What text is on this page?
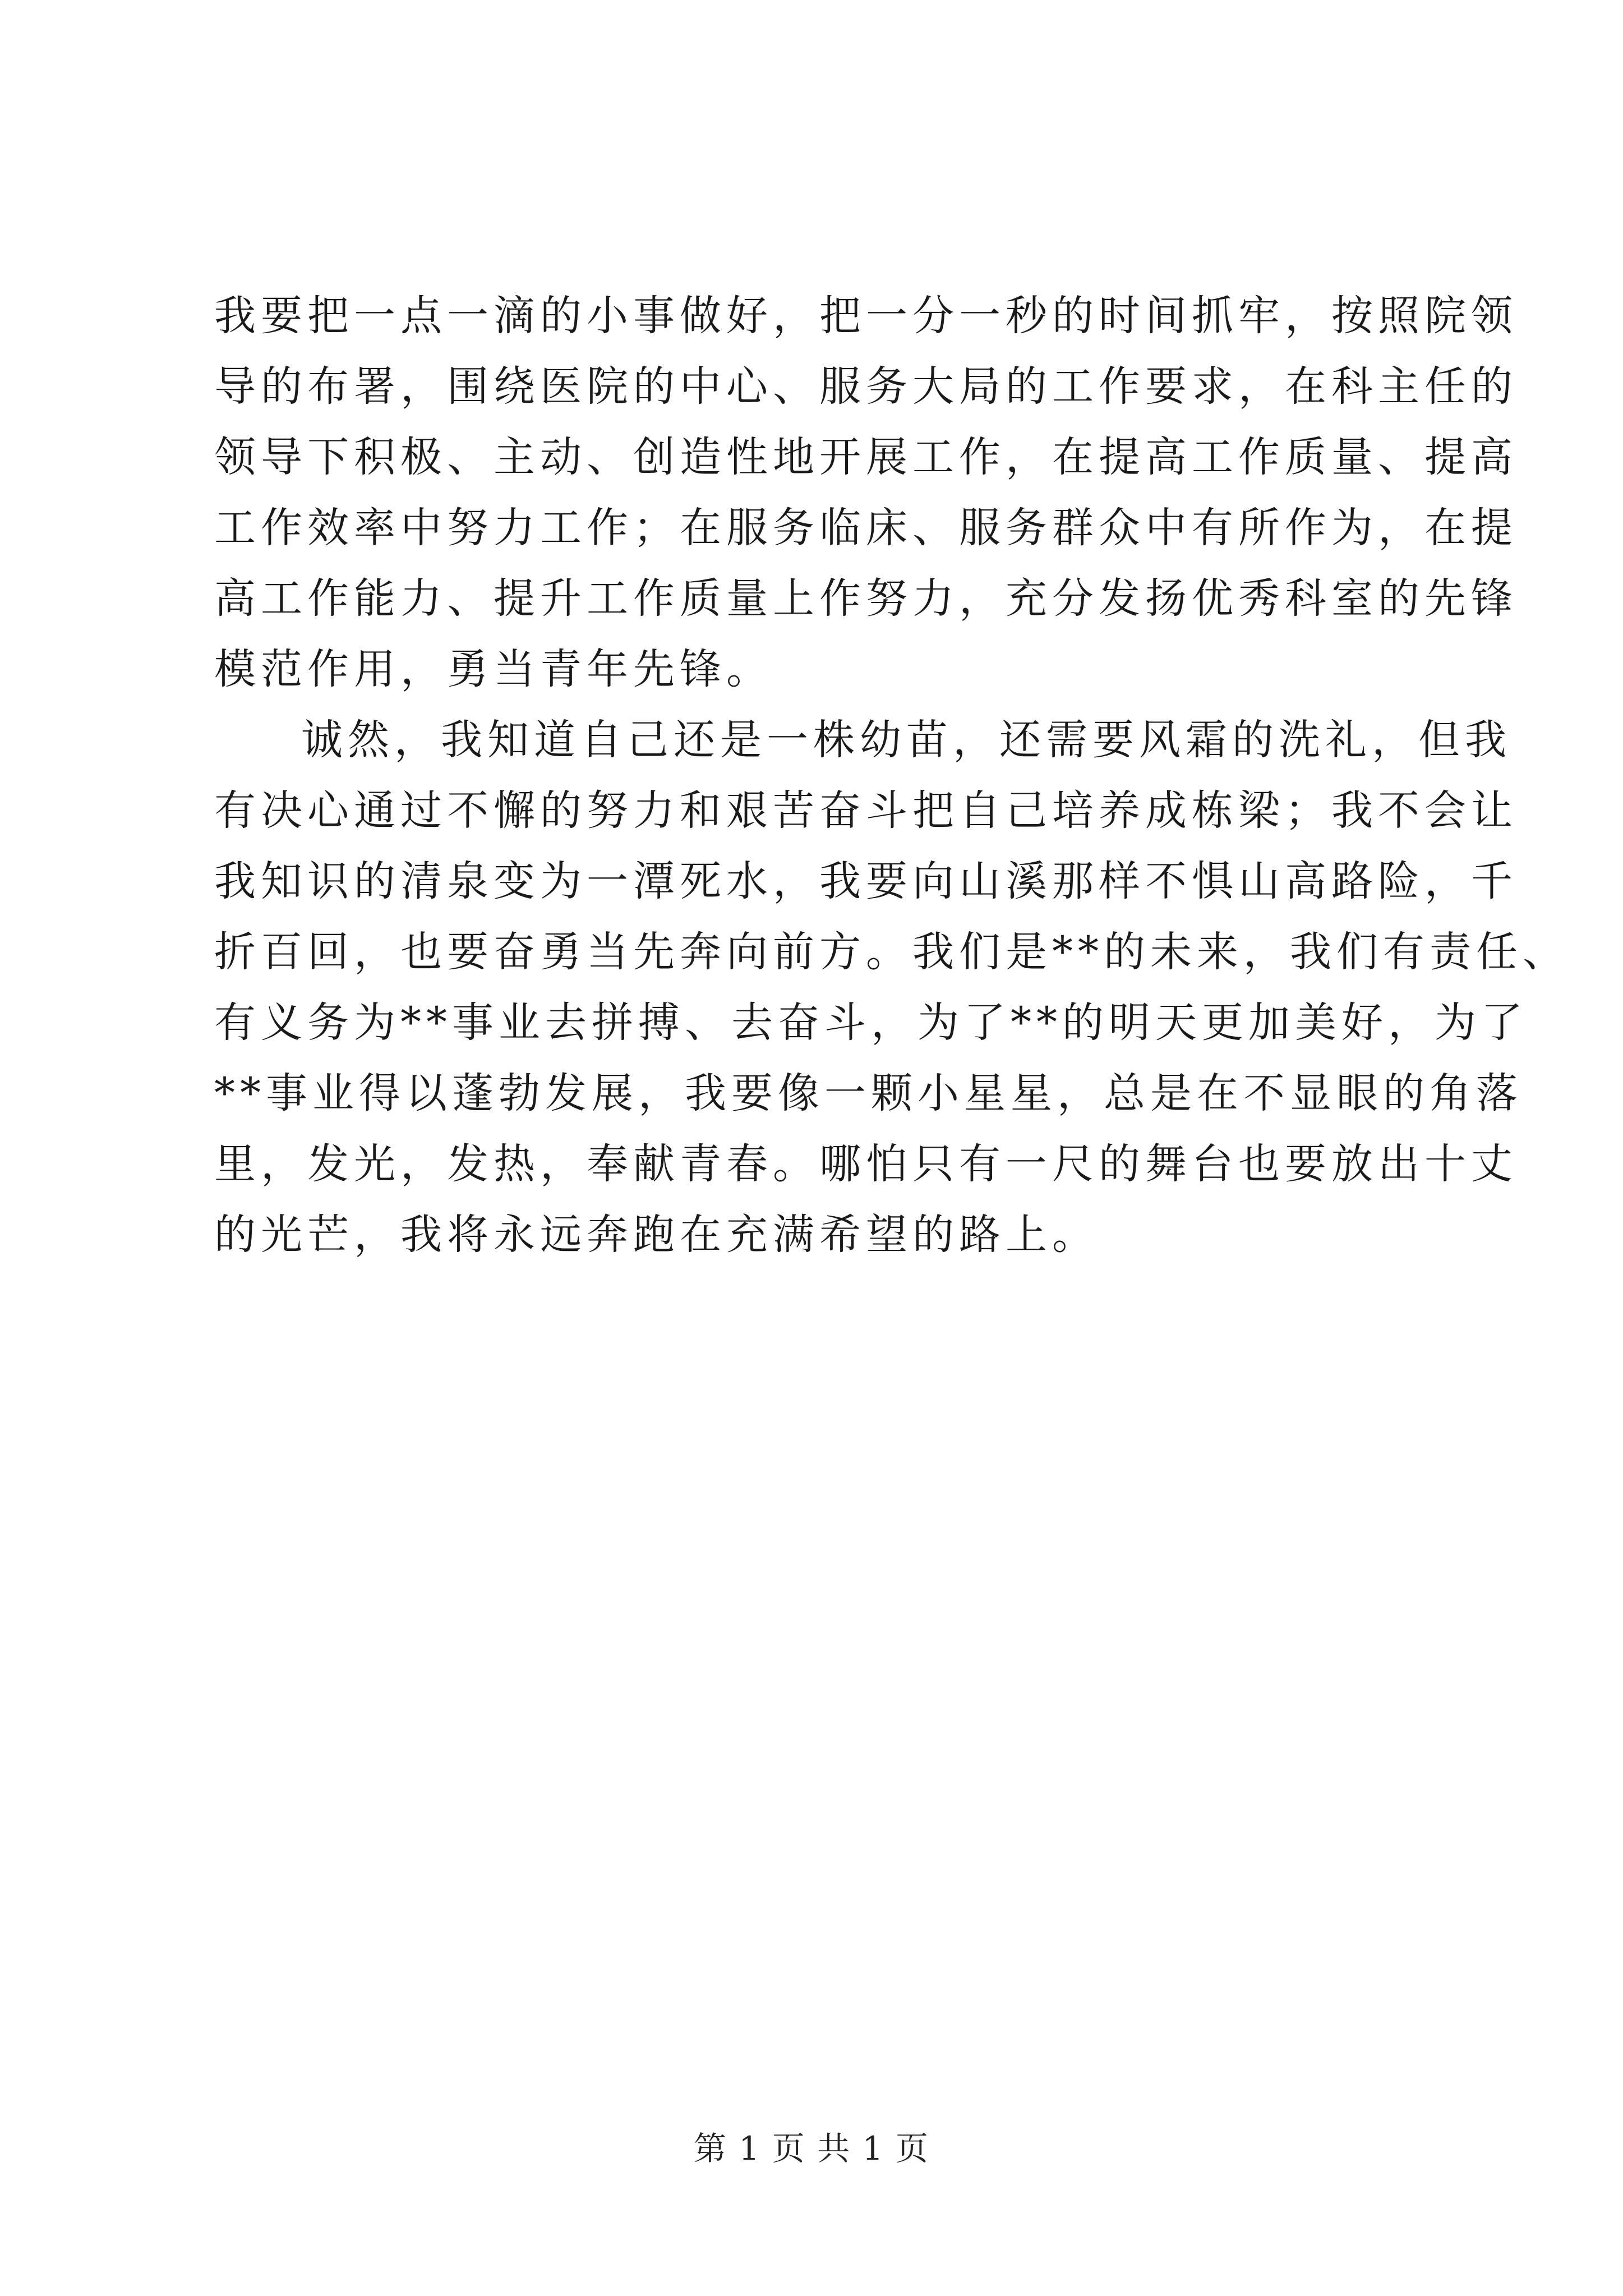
我要把一点一滴的小事做好，把一分一秒的时间抓牢，按照院领
导的布署，围绕医院的中心、服务大局的工作要求，在科主任的
领导下积极、主动、创造性地开展工作，在提高工作质量、提高
工作效率中努力工作；在服务临床、服务群众中有所作为，在提
高工作能力、提升工作质量上作努力，充分发扬优秀科室的先锋
模范作用，勇当青年先锋。
诚然，我知道自己还是一株幼苗，还需要风霜的洗礼，但我
有决心通过不懈的努力和艰苦奋斗把自己培养成栋梁；我不会让
我知识的清泉变为一潭死水，我要向山溪那样不惧山高路险，千
折百回，也要奋勇当先奔向前方。我们是**的未来，我们有责任、
有义务为**事业去拼搏、去奋斗，为了**的明天更加美好，为了
**事业得以蓬勃发展，我要像一颗小星星，总是在不显眼的角落
里，发光，发热，奉献青春。哪怕只有一尺的舞台也要放出十丈
的光芒，我将永远奔跑在充满希望的路上。
第 1 页 共 1 页
